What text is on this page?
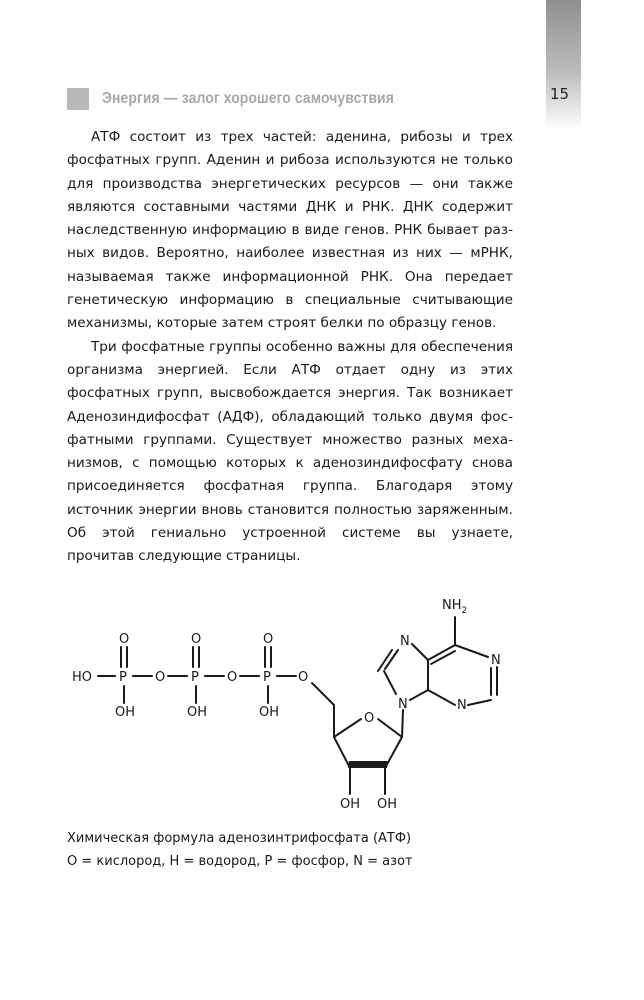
15
Энергия — залог хорошего самочувствия

АТФ состоит из трех частей: аденина, рибозы и трех фосфатных групп. Аденин и рибоза используются не только для производства энергетических ресурсов — они также являются составными частями ДНК и РНК. ДНК содержит наследственную информацию в виде генов. РНК бывает разных видов. Вероятно, наиболее известная из них — мРНК, называемая также информационной РНК. Она передает генетическую информацию в специальные считывающие механизмы, которые затем строят белки по образцу генов.

Три фосфатные группы особенно важны для обеспечения организма энергией. Если АТФ отдает одну из этих фосфатных групп, высвобождается энергия. Так возникает Аденозиндифосфат (АДФ), обладающий только двумя фосфатными группами. Существует множество разных механизмов, с помощью которых к аденозиндифосфату снова присоединяется фосфатная группа. Благодаря этому источник энергии вновь становится полностью заряженным. Об этой гениально устроенной системе вы узнаете, прочитав следующие страницы.

HO P O P O P O
O	O	O
OH	OH	OH	O
OH OH
N
N
N
N
$NH_2$
Химическая формула аденозинтрифосфата (АТФ)
O = кислород, H = водород, P = фосфор, N = азот
